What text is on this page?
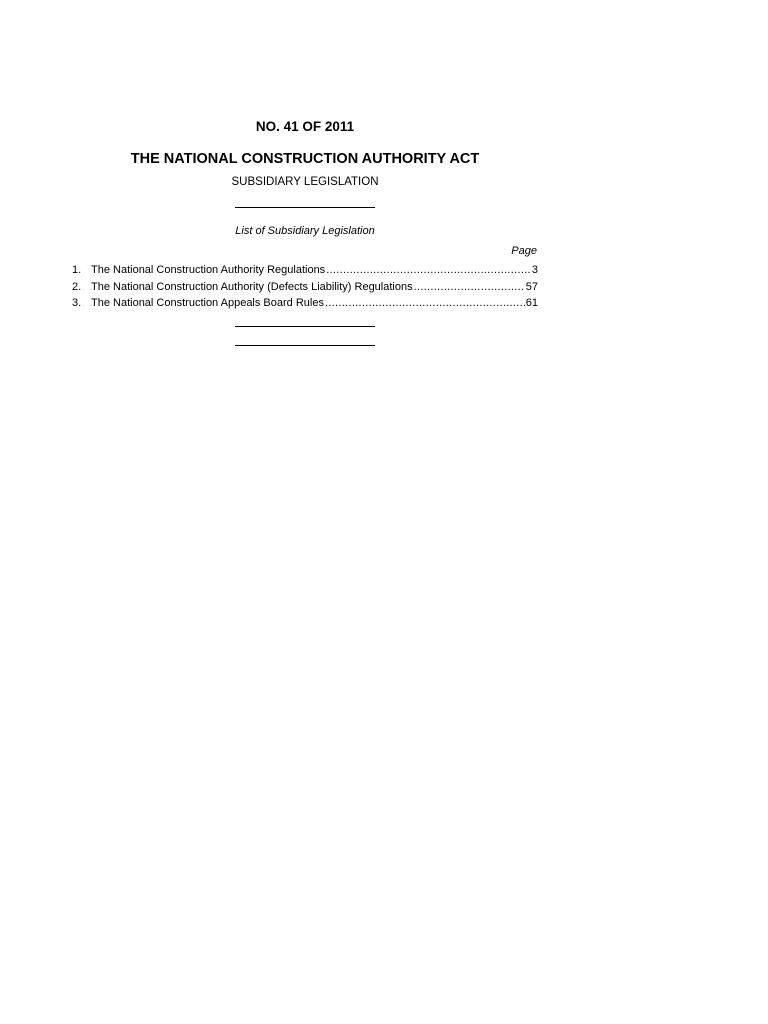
NO. 41 OF 2011
THE NATIONAL CONSTRUCTION AUTHORITY ACT
SUBSIDIARY LEGISLATION
List of Subsidiary Legislation
Page
1. The National Construction Authority Regulations .....	3
2. The National Construction Authority (Defects Liability) Regulations .....	57
3. The National Construction Appeals Board Rules .....	61
